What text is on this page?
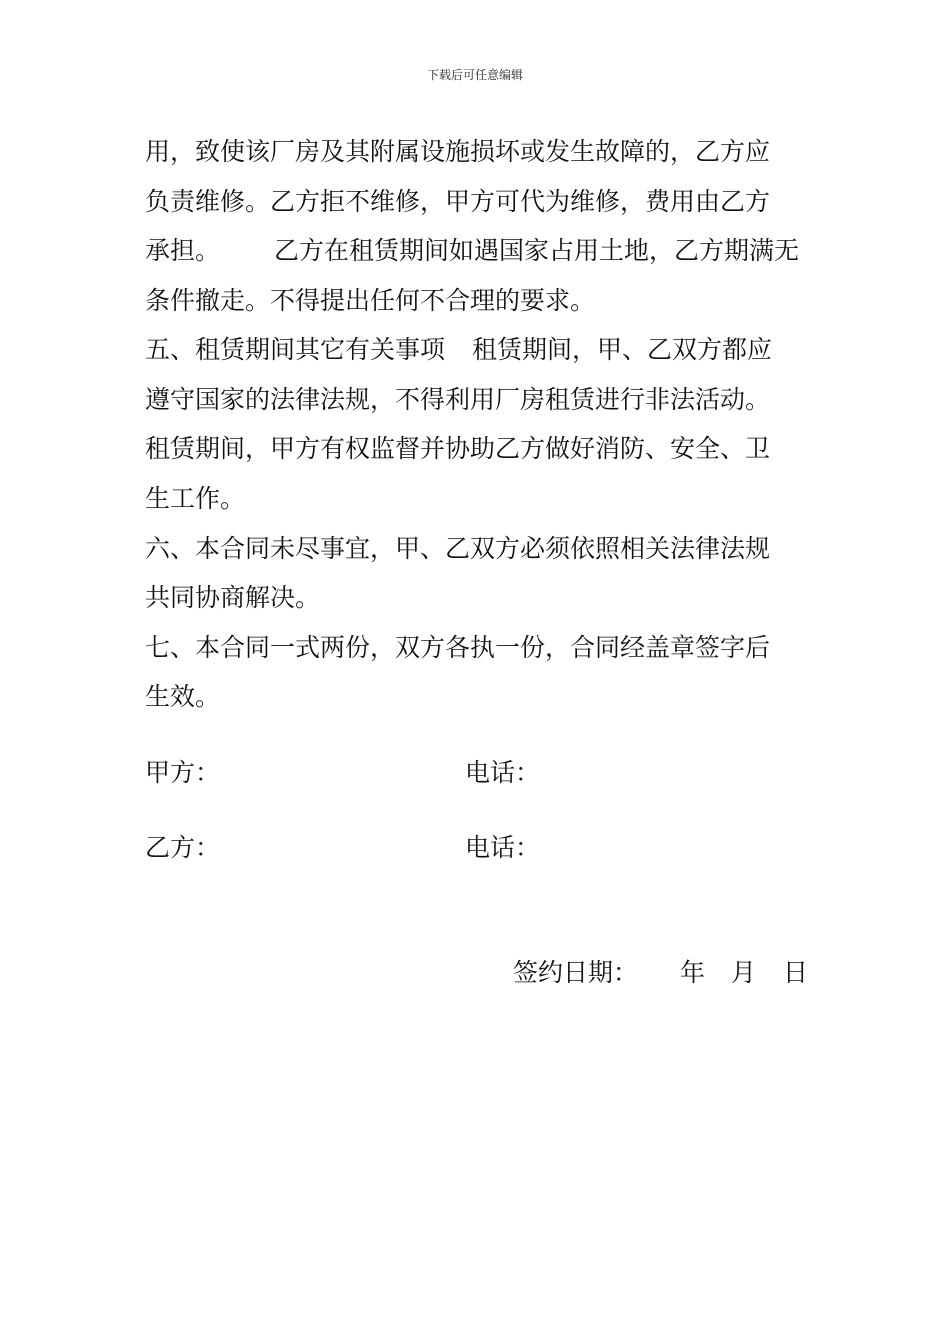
下载后可任意编辑
用，致使该厂房及其附属设施损坏或发生故障的，乙方应
负责维修。乙方拒不维修，甲方可代为维修，费用由乙方
承担。 乙方在租赁期间如遇国家占用土地，乙方期满无
条件撤走。不得提出任何不合理的要求。
五、租赁期间其它有关事项 租赁期间，甲、乙双方都应
遵守国家的法律法规，不得利用厂房租赁进行非法活动。
租赁期间，甲方有权监督并协助乙方做好消防、安全、卫
生工作。
六、本合同未尽事宜，甲、乙双方必须依照相关法律法规
共同协商解决。
七、本合同一式两份，双方各执一份，合同经盖章签字后
生效。
甲方：	电话：
乙方：	电话：
签约日期： 年 月 日
